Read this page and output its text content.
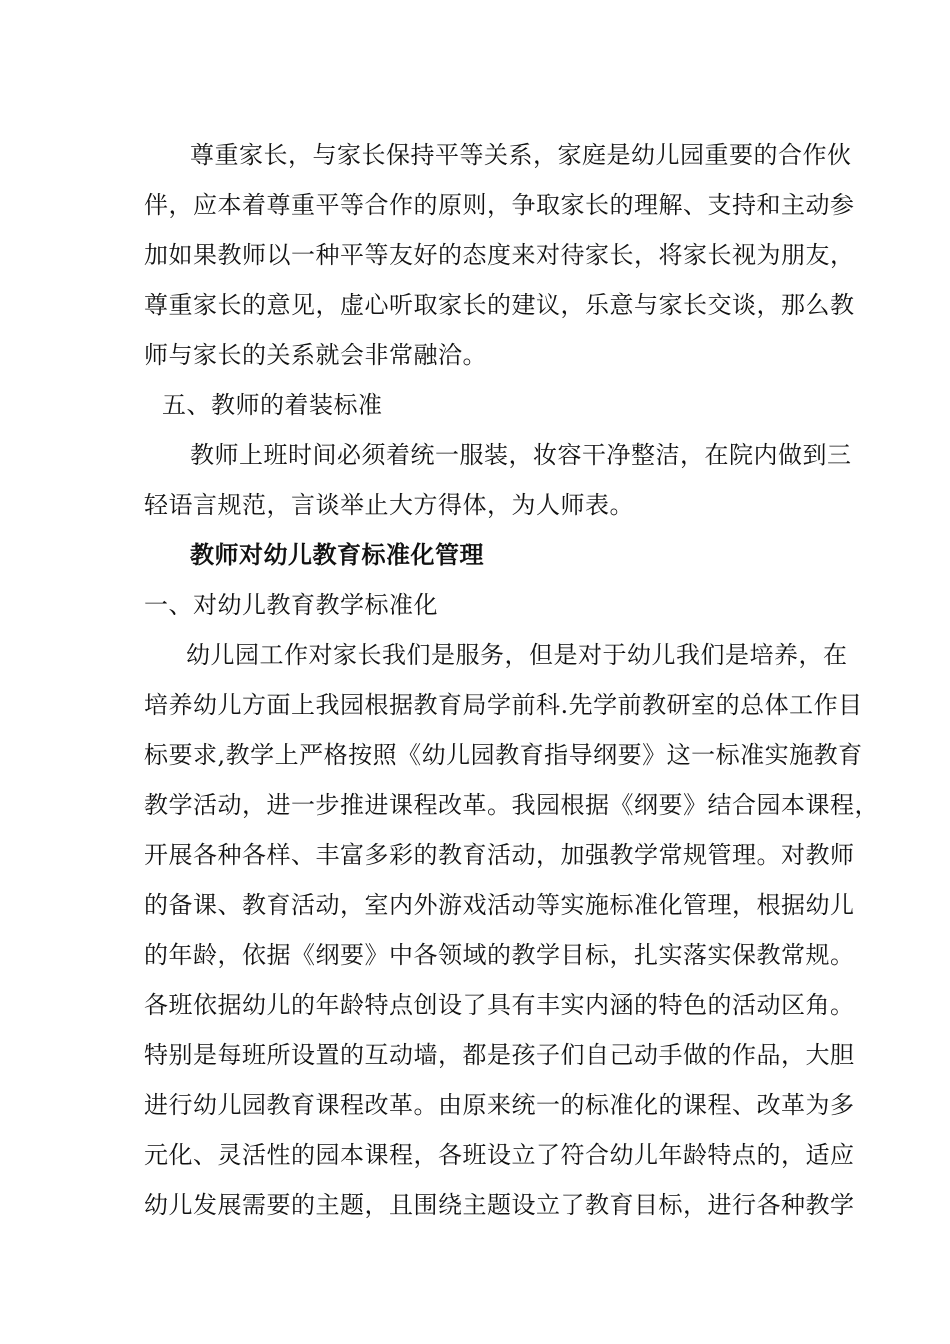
尊重家长，与家长保持平等关系，家庭是幼儿园重要的合作伙
伴，应本着尊重平等合作的原则，争取家长的理解、支持和主动参
加如果教师以一种平等友好的态度来对待家长，将家长视为朋友，
尊重家长的意见，虚心听取家长的建议，乐意与家长交谈，那么教
师与家长的关系就会非常融洽。
五、教师的着装标准
教师上班时间必须着统一服装，妆容干净整洁，在院内做到三
轻语言规范，言谈举止大方得体，为人师表。
教师对幼儿教育标准化管理
一、对幼儿教育教学标准化
幼儿园工作对家长我们是服务，但是对于幼儿我们是培养，在
培养幼儿方面上我园根据教育局学前科.先学前教研室的总体工作目
标要求,教学上严格按照《幼儿园教育指导纲要》这一标准实施教育
教学活动，进一步推进课程改革。我园根据《纲要》结合园本课程，
开展各种各样、丰富多彩的教育活动，加强教学常规管理。对教师
的备课、教育活动，室内外游戏活动等实施标准化管理，根据幼儿
的年龄，依据《纲要》中各领域的教学目标，扎实落实保教常规。
各班依据幼儿的年龄特点创设了具有丰实内涵的特色的活动区角。
特别是每班所设置的互动墙，都是孩子们自己动手做的作品，大胆
进行幼儿园教育课程改革。由原来统一的标准化的课程、改革为多
元化、灵活性的园本课程，各班设立了符合幼儿年龄特点的，适应
幼儿发展需要的主题，且围绕主题设立了教育目标，进行各种教学
